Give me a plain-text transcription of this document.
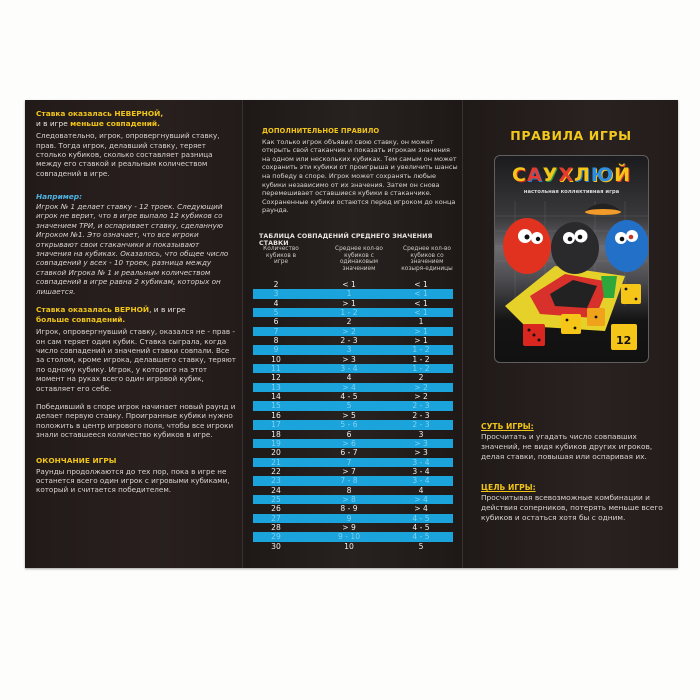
Ставка оказалась НЕВЕРНОЙ,
и в игре меньше совпадений.
Следовательно, игрок, опровергнувший ставку, прав. Тогда игрок, делавший ставку, теряет столько кубиков, сколько составляет разница между его ставкой и реальным количеством совпадений в игре.
Например:
Игрок № 1 делает ставку - 12 троек. Следующий игрок не верит, что в игре выпало 12 кубиков со значением ТРИ, и оспаривает ставку, сделанную Игроком №1. Это означает, что все игроки открывают свои стаканчики и показывают значения на кубиках. Оказалось, что общее число совпадений у всех - 10 троек, разница между ставкой Игрока № 1 и реальным количеством совпадений в игре равна 2 кубикам, которых он лишается.
Ставка оказалась ВЕРНОЙ, и в игре
больше совпадений.
Игрок, опровергнувший ставку, оказался не - прав - он сам теряет один кубик. Ставка сыграла, когда число совпадений и значений ставки совпали. Все за столом, кроме игрока, делавшего ставку, теряют по одному кубику. Игрок, у которого на этот момент на руках всего один игровой кубик, оставляет его себе.
Победивший в споре игрок начинает новый раунд и делает первую ставку. Проигранные кубики нужно положить в центр игрового поля, чтобы все игроки знали оставшееся количество кубиков в игре.
ОКОНЧАНИЕ ИГРЫ
Раунды продолжаются до тех пор, пока в игре не останется всего один игрок с игровыми кубиками, который и считается победителем.
ДОПОЛНИТЕЛЬНОЕ ПРАВИЛО
Как только игрок объявил свою ставку, он может открыть свой стаканчик и показать игрокам значения на одном или нескольких кубиках. Тем самым он может сохранить эти кубики от проигрыша и увеличить шансы на победу в споре. Игрок может сохранять любые кубики независимо от их значения. Затем он снова перемешивает оставшиеся кубики в стаканчике. Сохраненные кубики остаются перед игроком до конца раунда.
ТАБЛИЦА СОВПАДЕНИЙ СРЕДНЕГО ЗНАЧЕНИЯ СТАВКИ
Количество кубиков в игре
Среднее кол-во кубиков с одинаковым значением
Среднее кол-во кубиков со значением козыря-единицы
2	< 1	< 1
3	1	< 1
4	> 1	< 1
5	1 - 2	< 1
6	2	1
7	> 2	> 1
8	2 - 3	> 1
9	3	1 - 2
10	> 3	1 - 2
11	3 - 4	1 - 2
12	4	2
13	> 4	> 2
14	4 - 5	> 2
15	5	2 - 3
16	> 5	2 - 3
17	5 - 6	2 - 3
18	6	3
19	> 6	> 3
20	6 - 7	> 3
21	7	3 - 4
22	> 7	3 - 4
23	7 - 8	3 - 4
24	8	4
25	> 8	> 4
26	8 - 9	> 4
27	9	4 - 5
28	> 9	4 - 5
29	9 - 10	4 - 5
30	10	5
ПРАВИЛА ИГРЫ
САУХЛЮЙ
настольная коллективная игра
12
СУТЬ ИГРЫ:
Просчитать и угадать число совпавших значений, не видя кубиков других игроков, делая ставки, повышая или оспаривая их.
ЦЕЛЬ ИГРЫ:
Просчитывая всевозможные комбинации и действия соперников, потерять меньше всего кубиков и остаться хотя бы с одним.
